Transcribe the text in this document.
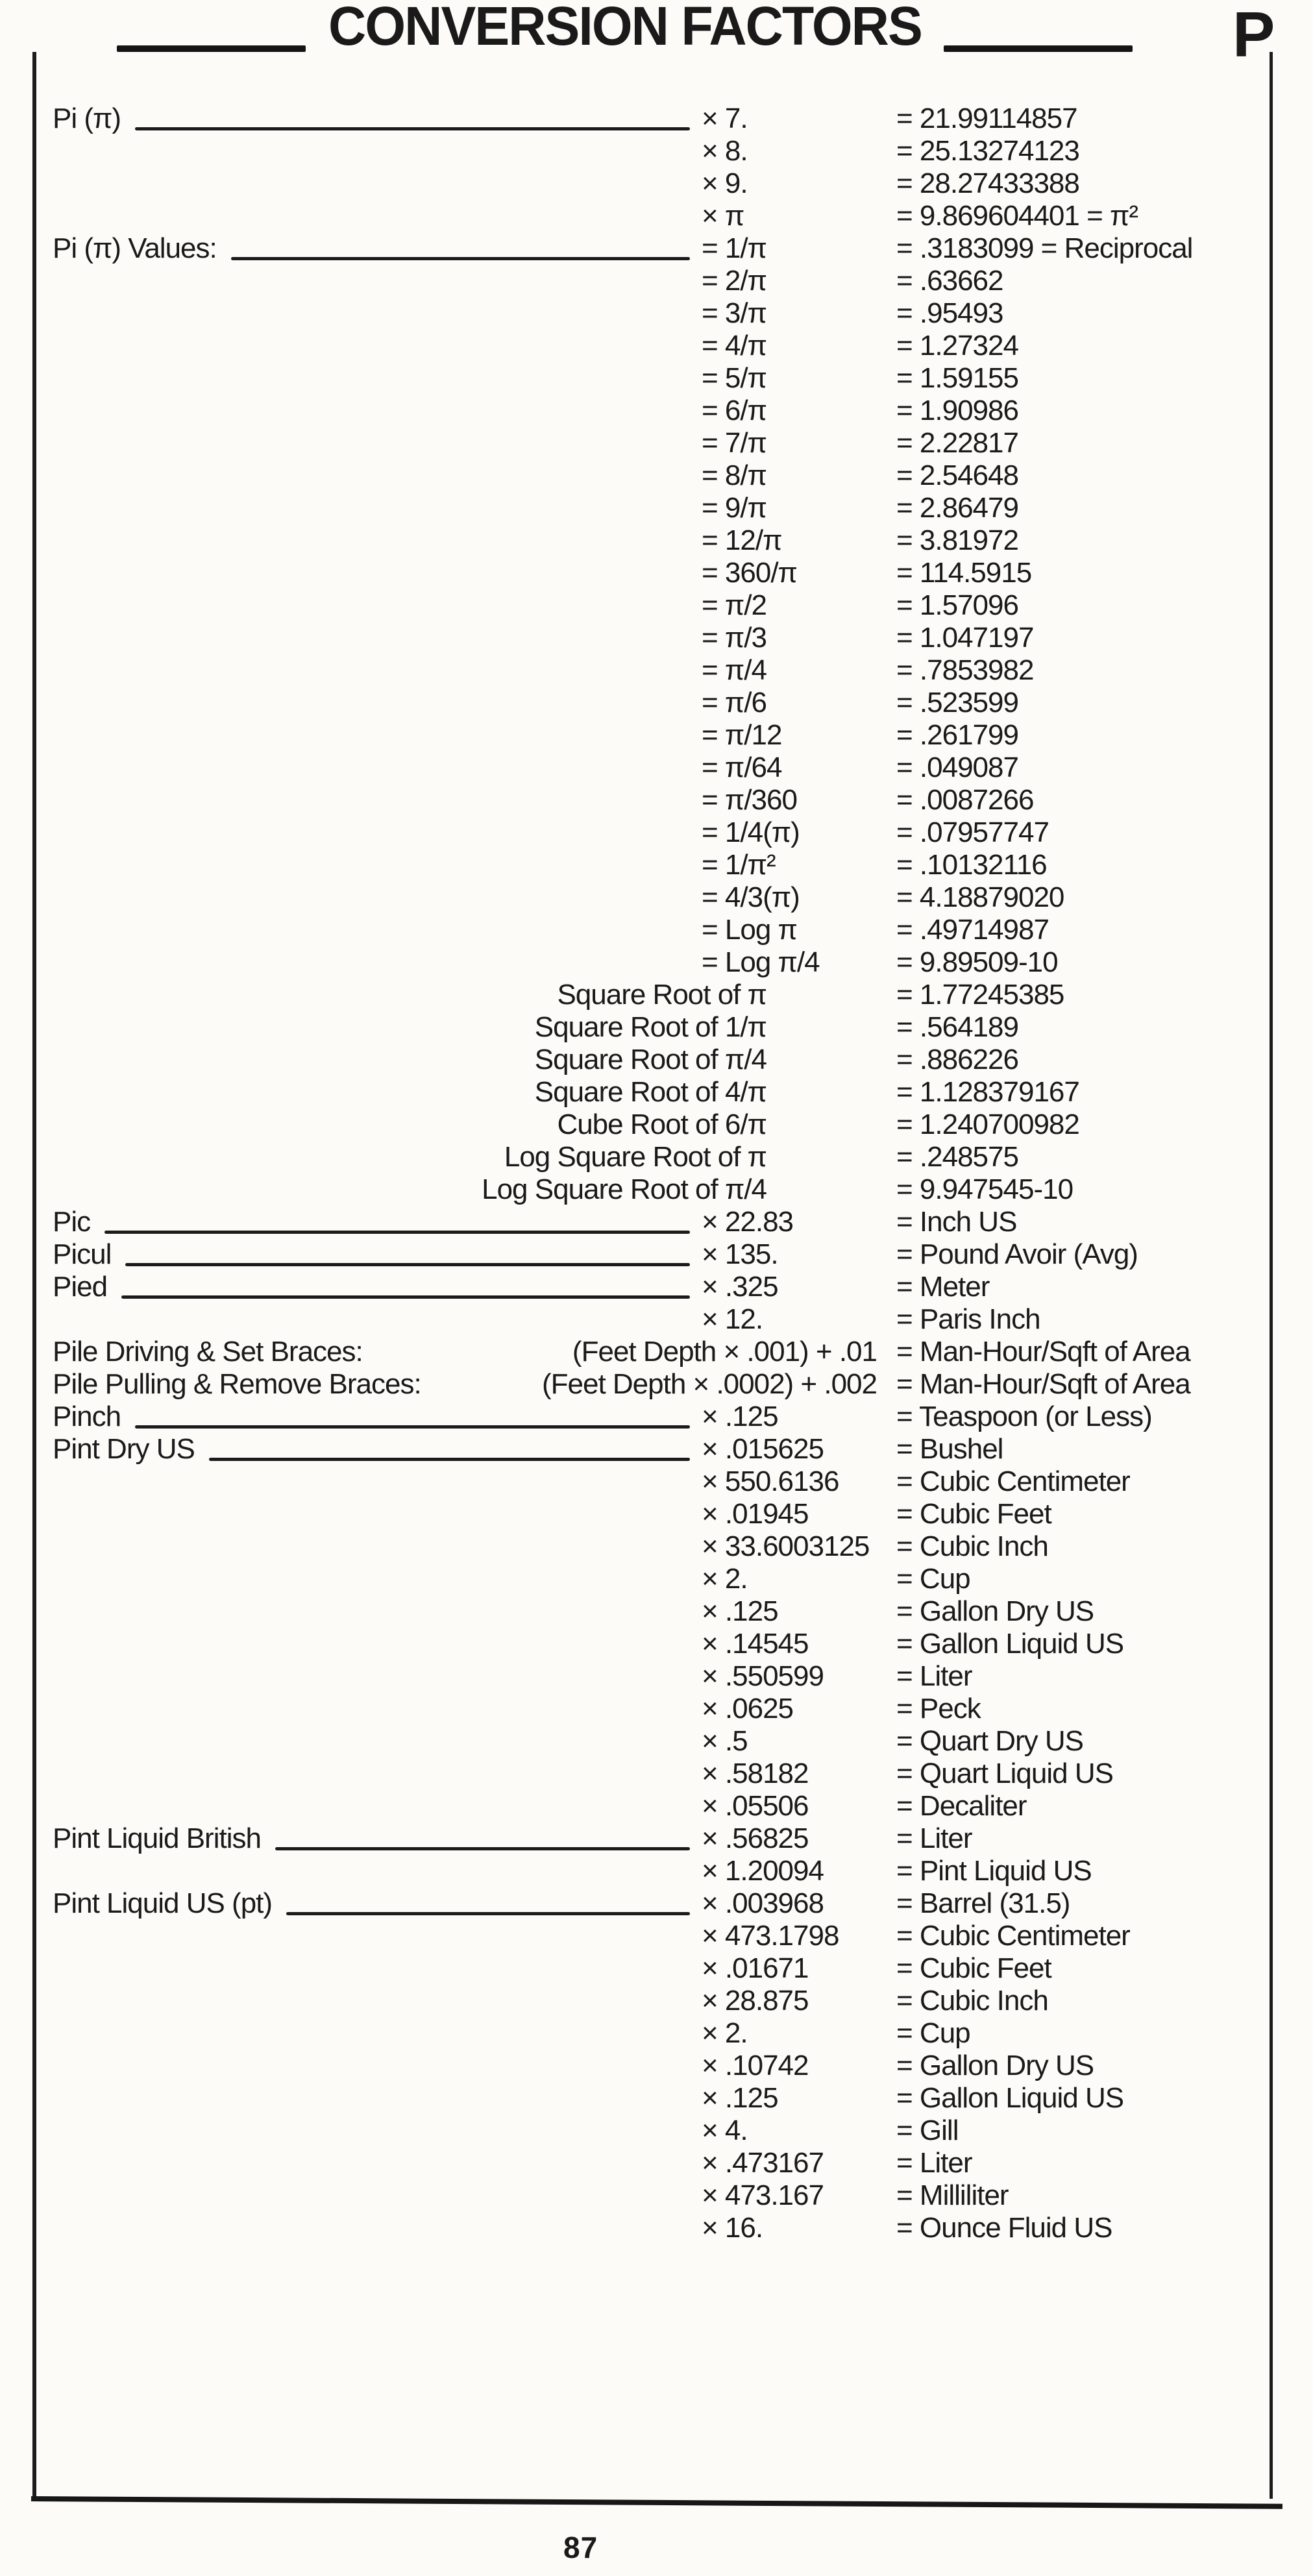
CONVERSION FACTORS	P
Pi (π)	× 7.	= 21.99114857
× 8.	= 25.13274123
× 9.	= 28.27433388
× π	= 9.869604401 = π²
Pi (π) Values:	= 1/π	= .3183099 = Reciprocal
= 2/π	= .63662
= 3/π	= .95493
= 4/π	= 1.27324
= 5/π	= 1.59155
= 6/π	= 1.90986
= 7/π	= 2.22817
= 8/π	= 2.54648
= 9/π	= 2.86479
= 12/π	= 3.81972
= 360/π	= 114.5915
= π/2	= 1.57096
= π/3	= 1.047197
= π/4	= .7853982
= π/6	= .523599
= π/12	= .261799
= π/64	= .049087
= π/360	= .0087266
= 1/4(π)	= .07957747
= 1/π²	= .10132116
= 4/3(π)	= 4.18879020
= Log π	= .49714987
= Log π/4	= 9.89509-10
Square Root of π	= 1.77245385
Square Root of 1/π	= .564189
Square Root of π/4	= .886226
Square Root of 4/π	= 1.128379167
Cube Root of 6/π	= 1.240700982
Log Square Root of π	= .248575
Log Square Root of π/4	= 9.947545-10
Pic	× 22.83	= Inch US
Picul	× 135.	= Pound Avoir (Avg)
Pied	× .325	= Meter
× 12.	= Paris Inch
Pile Driving & Set Braces:	(Feet Depth × .001) + .01 = Man-Hour/Sqft of Area
Pile Pulling & Remove Braces:	(Feet Depth × .0002) + .002 = Man-Hour/Sqft of Area
Pinch	× .125	= Teaspoon (or Less)
Pint Dry US	× .015625	= Bushel
× 550.6136	= Cubic Centimeter
× .01945	= Cubic Feet
× 33.6003125 = Cubic Inch
× 2.	= Cup
× .125	= Gallon Dry US
× .14545	= Gallon Liquid US
× .550599	= Liter
× .0625	= Peck
× .5	= Quart Dry US
× .58182	= Quart Liquid US
× .05506	= Decaliter
Pint Liquid British	× .56825	= Liter
× 1.20094	= Pint Liquid US
Pint Liquid US (pt)	× .003968	= Barrel (31.5)
× 473.1798	= Cubic Centimeter
× .01671	= Cubic Feet
× 28.875	= Cubic Inch
× 2.	= Cup
× .10742	= Gallon Dry US
× .125	= Gallon Liquid US
× 4.	= Gill
× .473167	= Liter
× 473.167	= Milliliter
× 16.	= Ounce Fluid US
87
